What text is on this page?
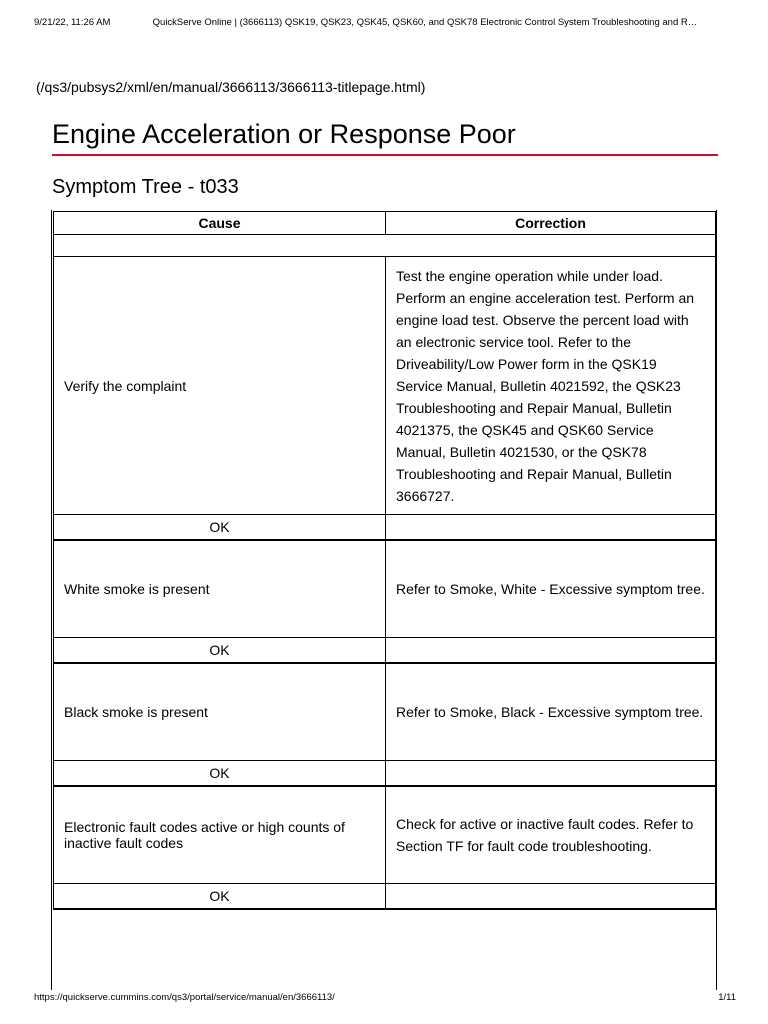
9/21/22, 11:26 AM	QuickServe Online | (3666113) QSK19, QSK23, QSK45, QSK60, and QSK78 Electronic Control System Troubleshooting and R…
(/qs3/pubsys2/xml/en/manual/3666113/3666113-titlepage.html)
Engine Acceleration or Response Poor
Symptom Tree - t033
Cause	Correction

Verify the complaint	Test the engine operation while under load. Perform an engine acceleration test. Perform an engine load test. Observe the percent load with an electronic service tool. Refer to the Driveability/Low Power form in the QSK19 Service Manual, Bulletin 4021592, the QSK23 Troubleshooting and Repair Manual, Bulletin 4021375, the QSK45 and QSK60 Service Manual, Bulletin 4021530, or the QSK78 Troubleshooting and Repair Manual, Bulletin 3666727.
OK	
White smoke is present	Refer to Smoke, White - Excessive symptom tree.
OK	
Black smoke is present	Refer to Smoke, Black - Excessive symptom tree.
OK	
Electronic fault codes active or high counts of inactive fault codes	Check for active or inactive fault codes. Refer to Section TF for fault code troubleshooting.
OK	
https://quickserve.cummins.com/qs3/portal/service/manual/en/3666113/	1/11
